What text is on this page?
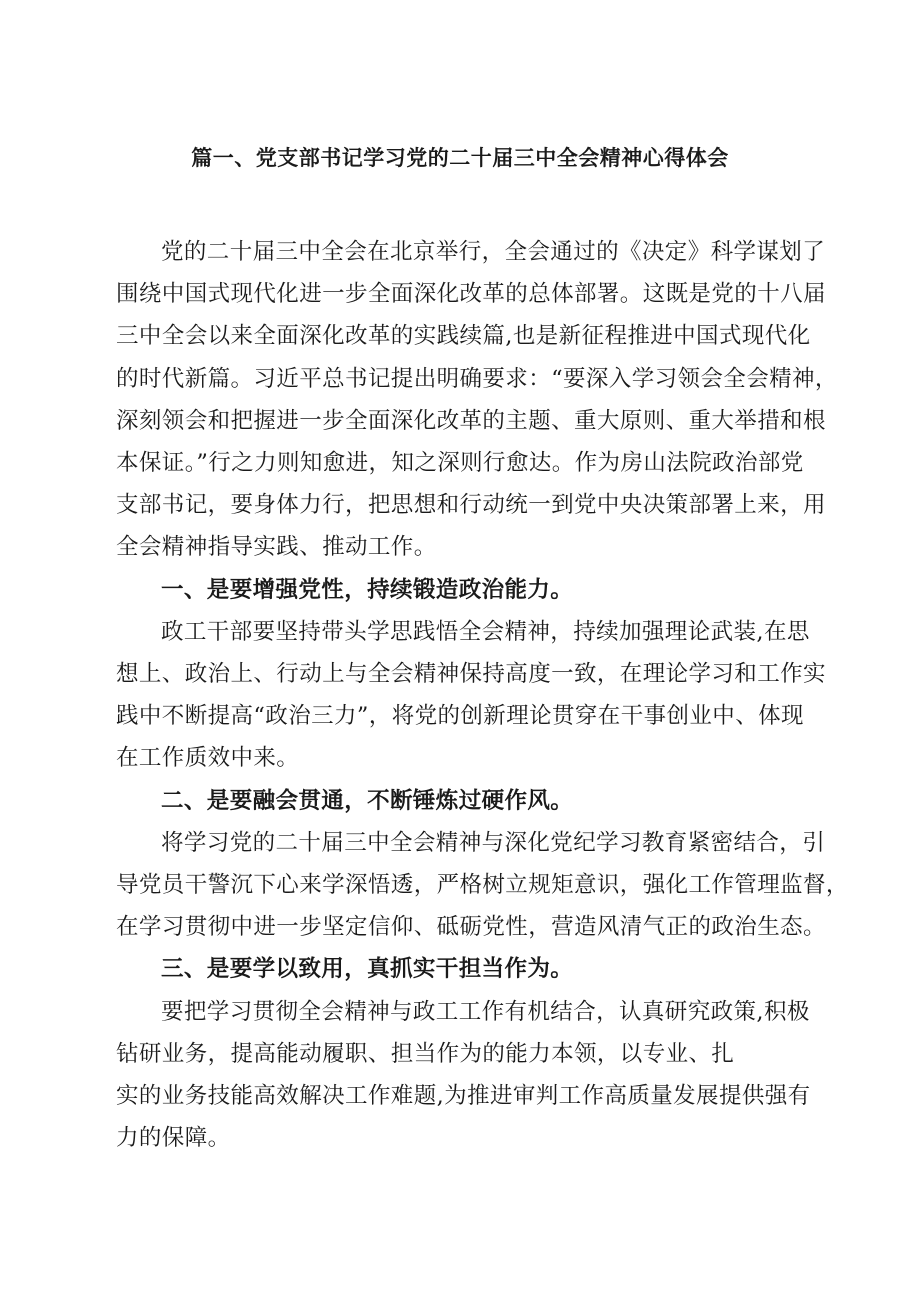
篇一、党支部书记学习党的二十届三中全会精神心得体会
党的二十届三中全会在北京举行，全会通过的《决定》科学谋划了
围绕中国式现代化进一步全面深化改革的总体部署。这既是党的十八届
三中全会以来全面深化改革的实践续篇,也是新征程推进中国式现代化
的时代新篇。习近平总书记提出明确要求：“要深入学习领会全会精神，
深刻领会和把握进一步全面深化改革的主题、重大原则、重大举措和根
本保证。”行之力则知愈进，知之深则行愈达。作为房山法院政治部党
支部书记，要身体力行，把思想和行动统一到党中央决策部署上来，用
全会精神指导实践、推动工作。
一、是要增强党性，持续锻造政治能力。
政工干部要坚持带头学思践悟全会精神，持续加强理论武装,在思
想上、政治上、行动上与全会精神保持高度一致，在理论学习和工作实
践中不断提高“政治三力”，将党的创新理论贯穿在干事创业中、体现
在工作质效中来。
二、是要融会贯通，不断锤炼过硬作风。
将学习党的二十届三中全会精神与深化党纪学习教育紧密结合，引
导党员干警沉下心来学深悟透，严格树立规矩意识，强化工作管理监督，
在学习贯彻中进一步坚定信仰、砥砺党性，营造风清气正的政治生态。
三、是要学以致用，真抓实干担当作为。
要把学习贯彻全会精神与政工工作有机结合，认真研究政策,积极
钻研业务，提高能动履职、担当作为的能力本领，以专业、扎
实的业务技能高效解决工作难题,为推进审判工作高质量发展提供强有
力的保障。
